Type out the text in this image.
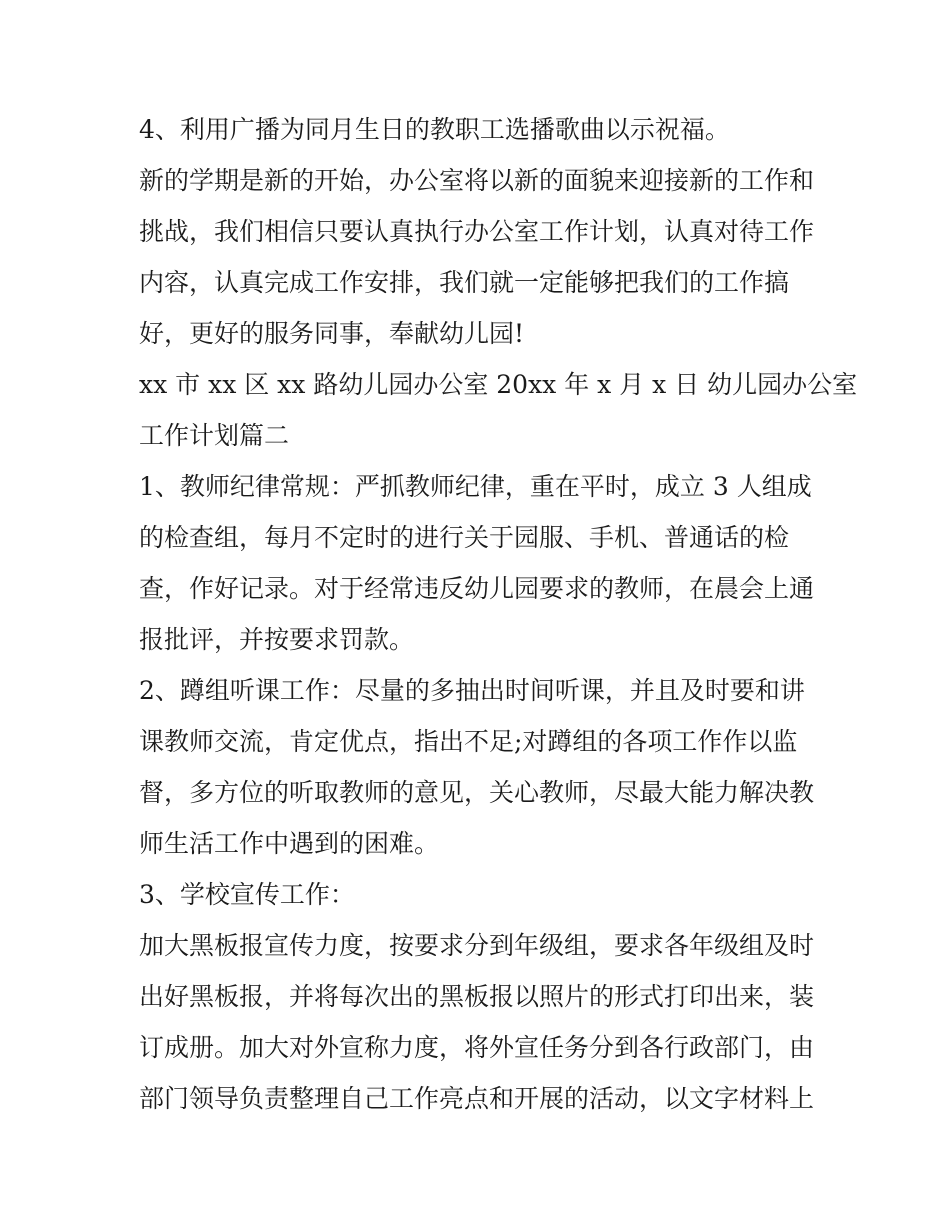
4、利用广播为同月生日的教职工选播歌曲以示祝福。

新的学期是新的开始，办公室将以新的面貌来迎接新的工作和

挑战，我们相信只要认真执行办公室工作计划，认真对待工作

内容，认真完成工作安排，我们就一定能够把我们的工作搞

好，更好的服务同事，奉献幼儿园!

xx 市 xx 区 xx 路幼儿园办公室 20xx 年 x 月 x 日 幼儿园办公室

工作计划篇二

1、教师纪律常规：严抓教师纪律，重在平时，成立 3 人组成

的检查组，每月不定时的进行关于园服、手机、普通话的检

查，作好记录。对于经常违反幼儿园要求的教师，在晨会上通

报批评，并按要求罚款。

2、蹲组听课工作：尽量的多抽出时间听课，并且及时要和讲

课教师交流，肯定优点，指出不足;对蹲组的各项工作作以监

督，多方位的听取教师的意见，关心教师，尽最大能力解决教

师生活工作中遇到的困难。

3、学校宣传工作：

加大黑板报宣传力度，按要求分到年级组，要求各年级组及时

出好黑板报，并将每次出的黑板报以照片的形式打印出来，装

订成册。加大对外宣称力度，将外宣任务分到各行政部门，由

部门领导负责整理自己工作亮点和开展的活动，以文字材料上
